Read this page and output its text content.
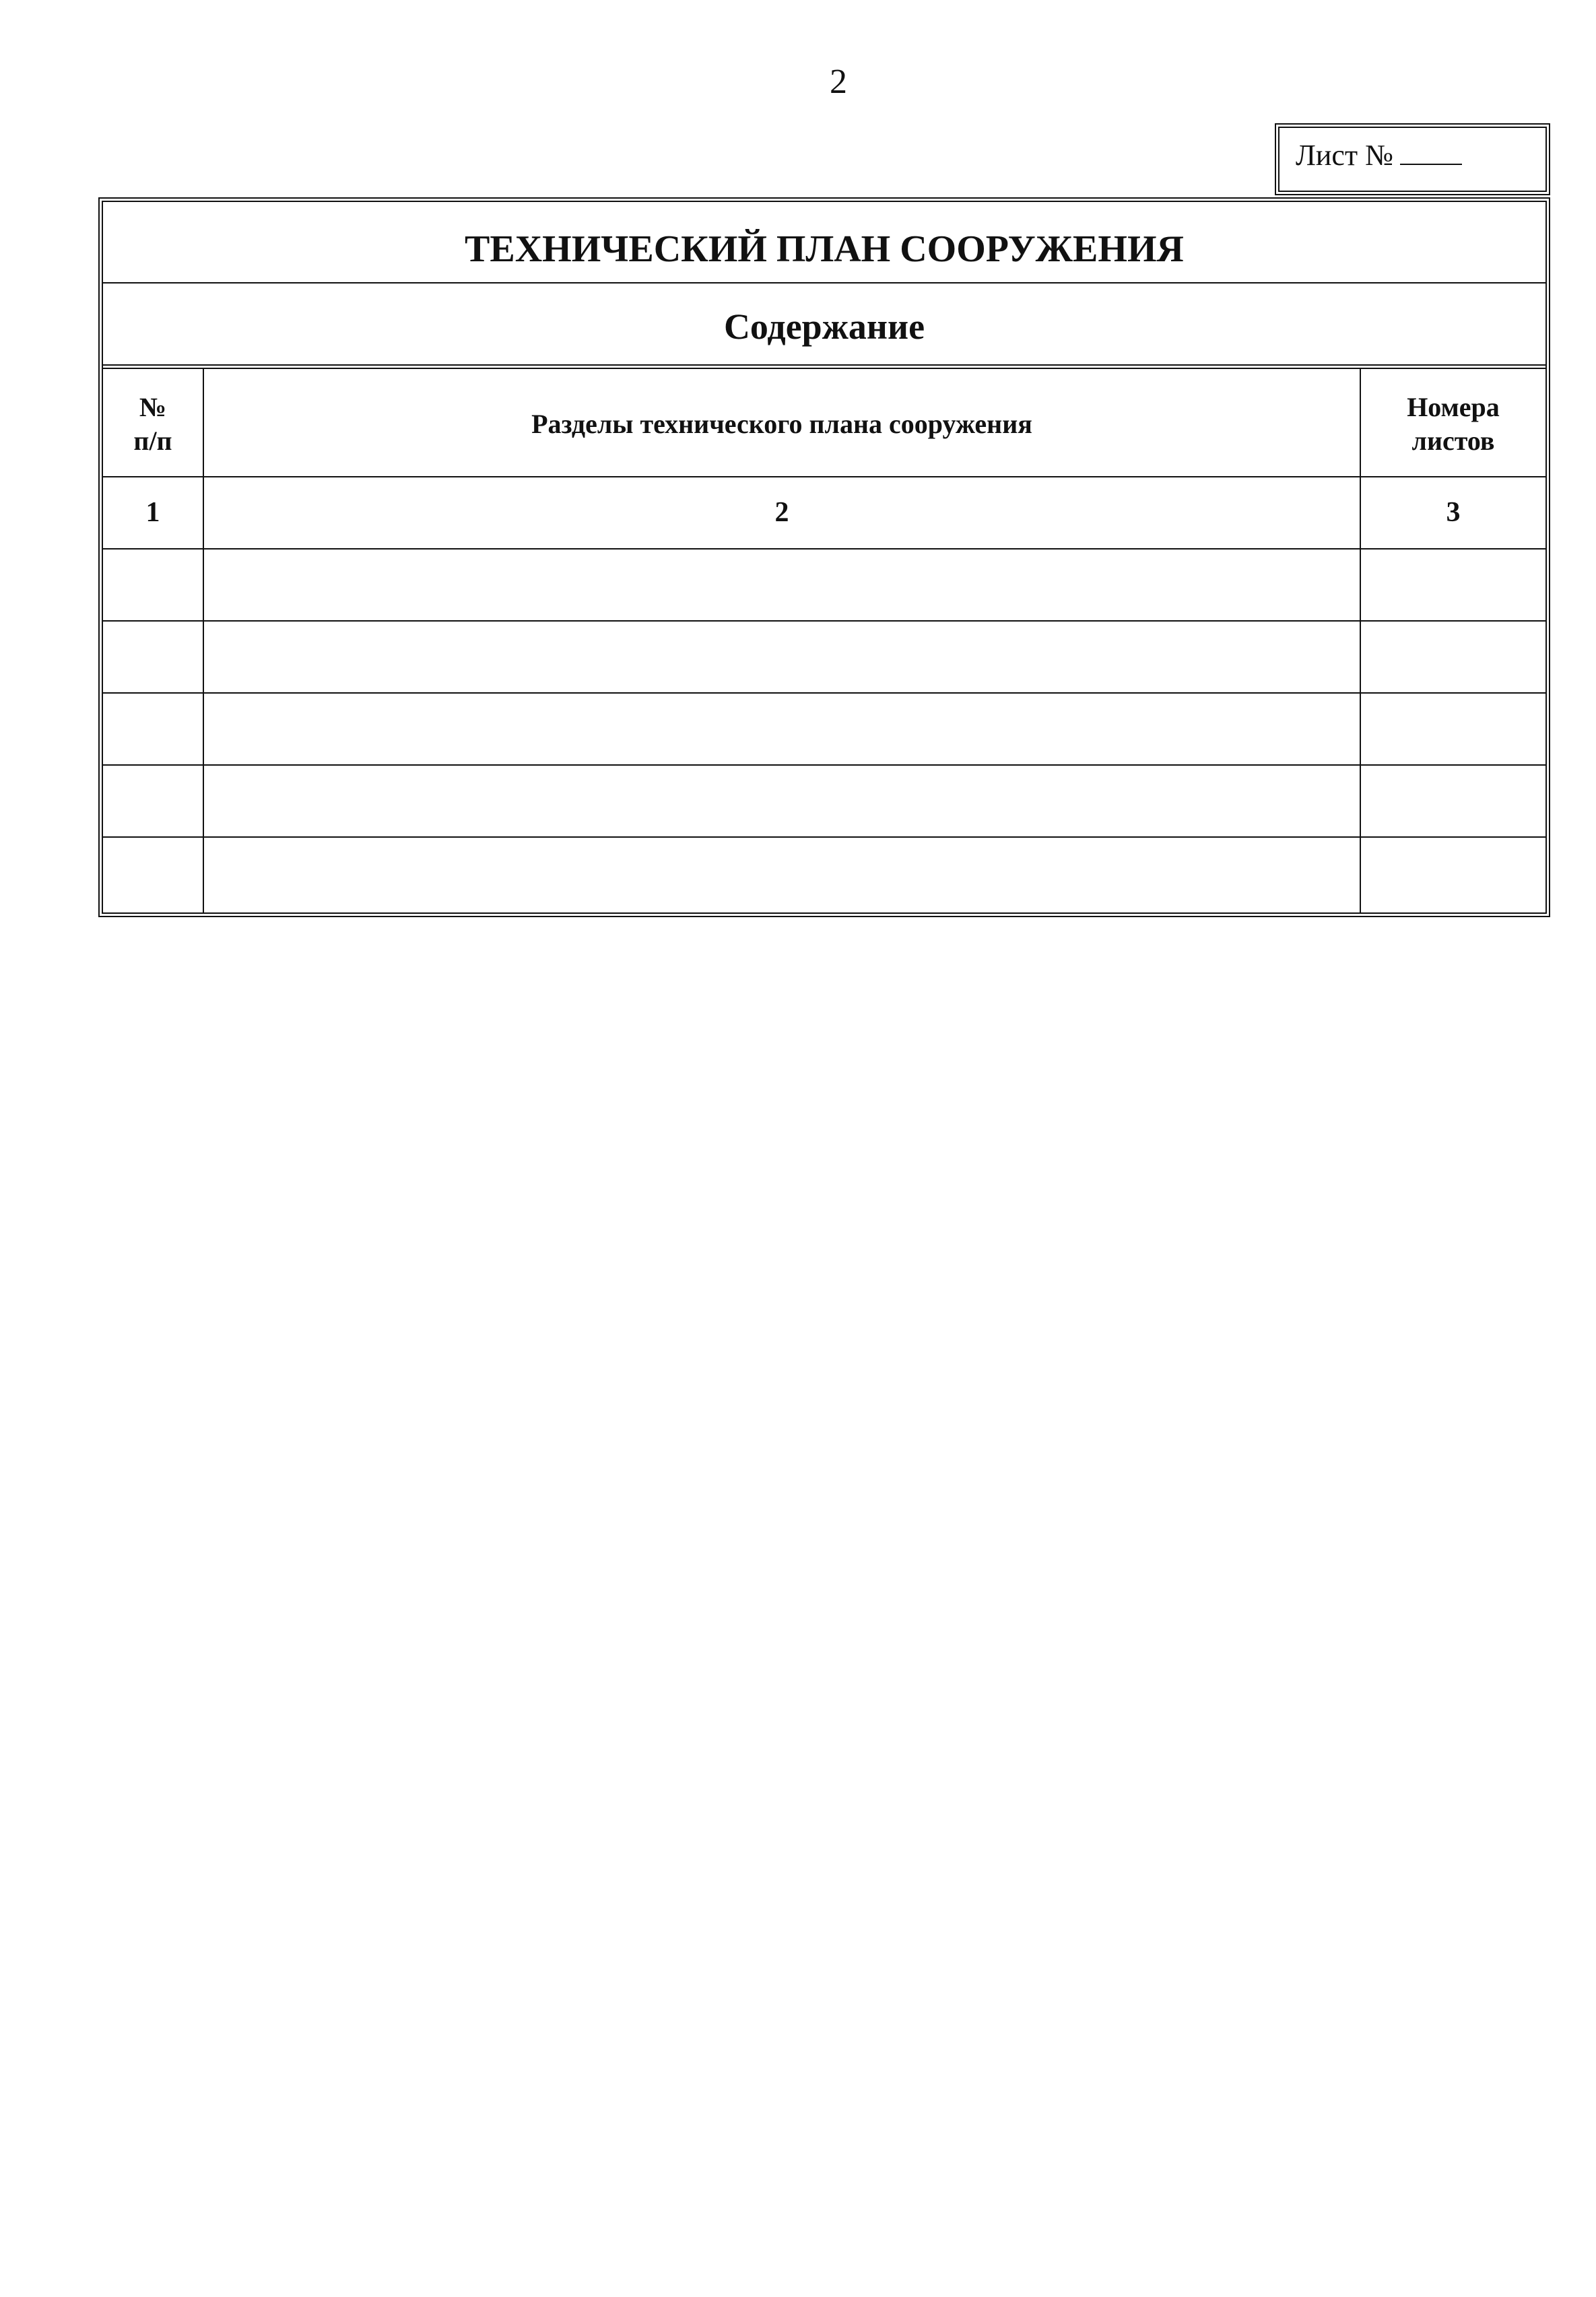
2
Лист №
ТЕХНИЧЕСКИЙ ПЛАН СООРУЖЕНИЯ
Содержание
№
п/п
Разделы технического плана сооружения
Номера
листов
1	2	3
